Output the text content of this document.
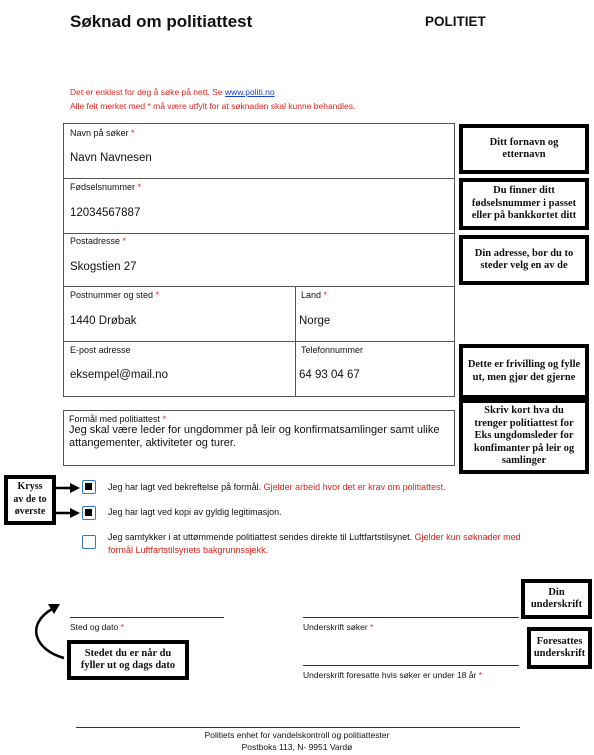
Søknad om politiattest	POLITIET
Det er enklest for deg å søke på nett. Se www.politi.no
Alle felt merket med * må være utfylt for at søknaden skal kunne behandles.
Navn på søker *
Navn Navnesen
Fødselsnummer *
12034567887
Postadresse *
Skogstien 27
Postnummer og sted *
1440 Drøbak
Land *
Norge
E-post adresse
eksempel@mail.no
Telefonnummer
64 93 04 67
Formål med politiattest *
Jeg skal være leder for ungdommer på leir og konfirmatsamlinger samt ulike attangementer, aktiviteter og turer.
Jeg har lagt ved bekreftelse på formål. Gjelder arbeid hvor det er krav om politiattest.
Jeg har lagt ved kopi av gyldig legitimasjon.
Jeg samtykker i at uttømmende politiattest sendes direkte til Luftfartstilsynet. Gjelder kun søknader med formål Luftfartstilsynets bakgrunnssjekk.
Sted og dato *	Underskrift søker *
Underskrift foresatte hvis søker er under 18 år *
Ditt fornavn og etternavn
Du finner ditt fødselsnummer i passet eller på bankkortet ditt
Din adresse, bor du to steder velg en av de
Dette er frivilling og fylle ut, men gjør det gjerne
Skriv kort hva du trenger politiattest for Eks ungdomsleder for konfimanter på leir og samlinger
Kryss av de to øverste
Din underskrift
Foresattes underskrift
Stedet du er når du fyller ut og dags dato
Politiets enhet for vandelskontroll og politiattester
Postboks 113, N- 9951 Vardø
